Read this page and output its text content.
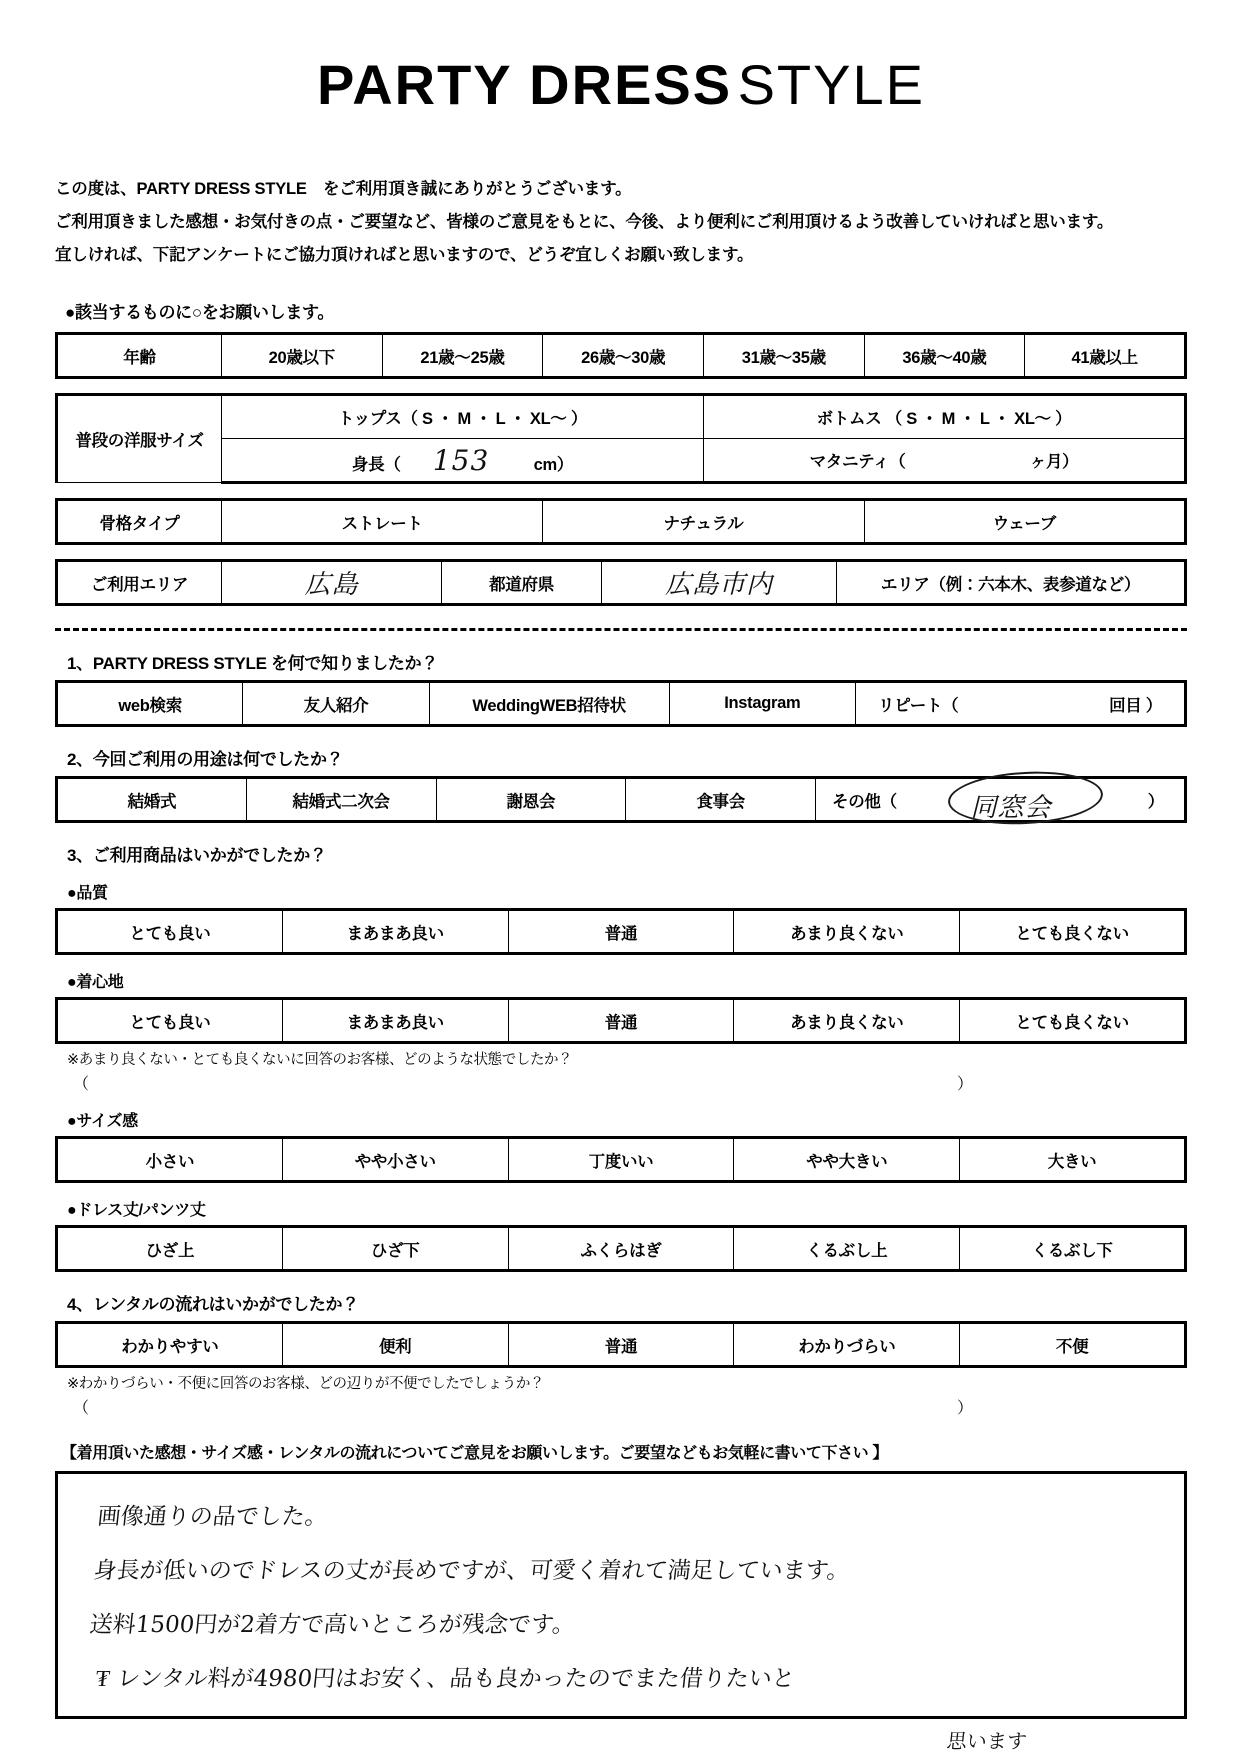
PARTY DRESS STYLE
この度は、PARTY DRESS STYLE　をご利用頂き誠にありがとうございます。
ご利用頂きました感想・お気付きの点・ご要望など、皆様のご意見をもとに、今後、より便利にご利用頂けるよう改善していければと思います。
宜しければ、下記アンケートにご協力頂ければと思いますので、どうぞ宜しくお願い致します。
●該当するものに○をお願いします。
年齢	20歳以下	21歳〜25歳	26歳〜30歳	31歳〜35歳	36歳〜40歳	41歳以上
普段の洋服サイズ	トップス（ S ・ M ・ L ・ XL〜 ）	ボトムス （ S ・ M ・ L ・ XL〜 ）
	身長（ 153 cm）	マタニティ（ ヶ月）
骨格タイプ	ストレート	ナチュラル	ウェーブ
ご利用エリア	広島	都道府県	広島市内	エリア（例：六本木、表参道など）
1、PARTY DRESS STYLE を何で知りましたか？
web検索	友人紹介	WeddingWEB招待状	Instagram	リピート（	回目 ）
2、今回ご利用の用途は何でしたか？
結婚式	結婚式二次会	謝恩会	食事会	その他（	同窓会	）
3、ご利用商品はいかがでしたか？
●品質
とても良い	まあまあ良い	普通	あまり良くない	とても良くない
●着心地
とても良い	まあまあ良い	普通	あまり良くない	とても良くない
※あまり良くない・とても良くないに回答のお客様、どのような状態でしたか？
（	）
●サイズ感
小さい	やや小さい	丁度いい	やや大きい	大きい
●ドレス丈/パンツ丈
ひざ上	ひざ下	ふくらはぎ	くるぶし上	くるぶし下
4、レンタルの流れはいかがでしたか？
わかりやすい	便利	普通	わかりづらい	不便
※わかりづらい・不便に回答のお客様、どの辺りが不便でしたでしょうか？
（	）
【着用頂いた感想・サイズ感・レンタルの流れについてご意見をお願いします。ご要望などもお気軽に書いて下さい 】
画像通りの品でした。
身長が低いのでドレスの丈が長めですが、可愛く着れて満足しています。
送料1500円が2着方で高いところが残念です。
₮ レンタル料が4980円はお安く、品も良かったのでまた借りたいと
思います
